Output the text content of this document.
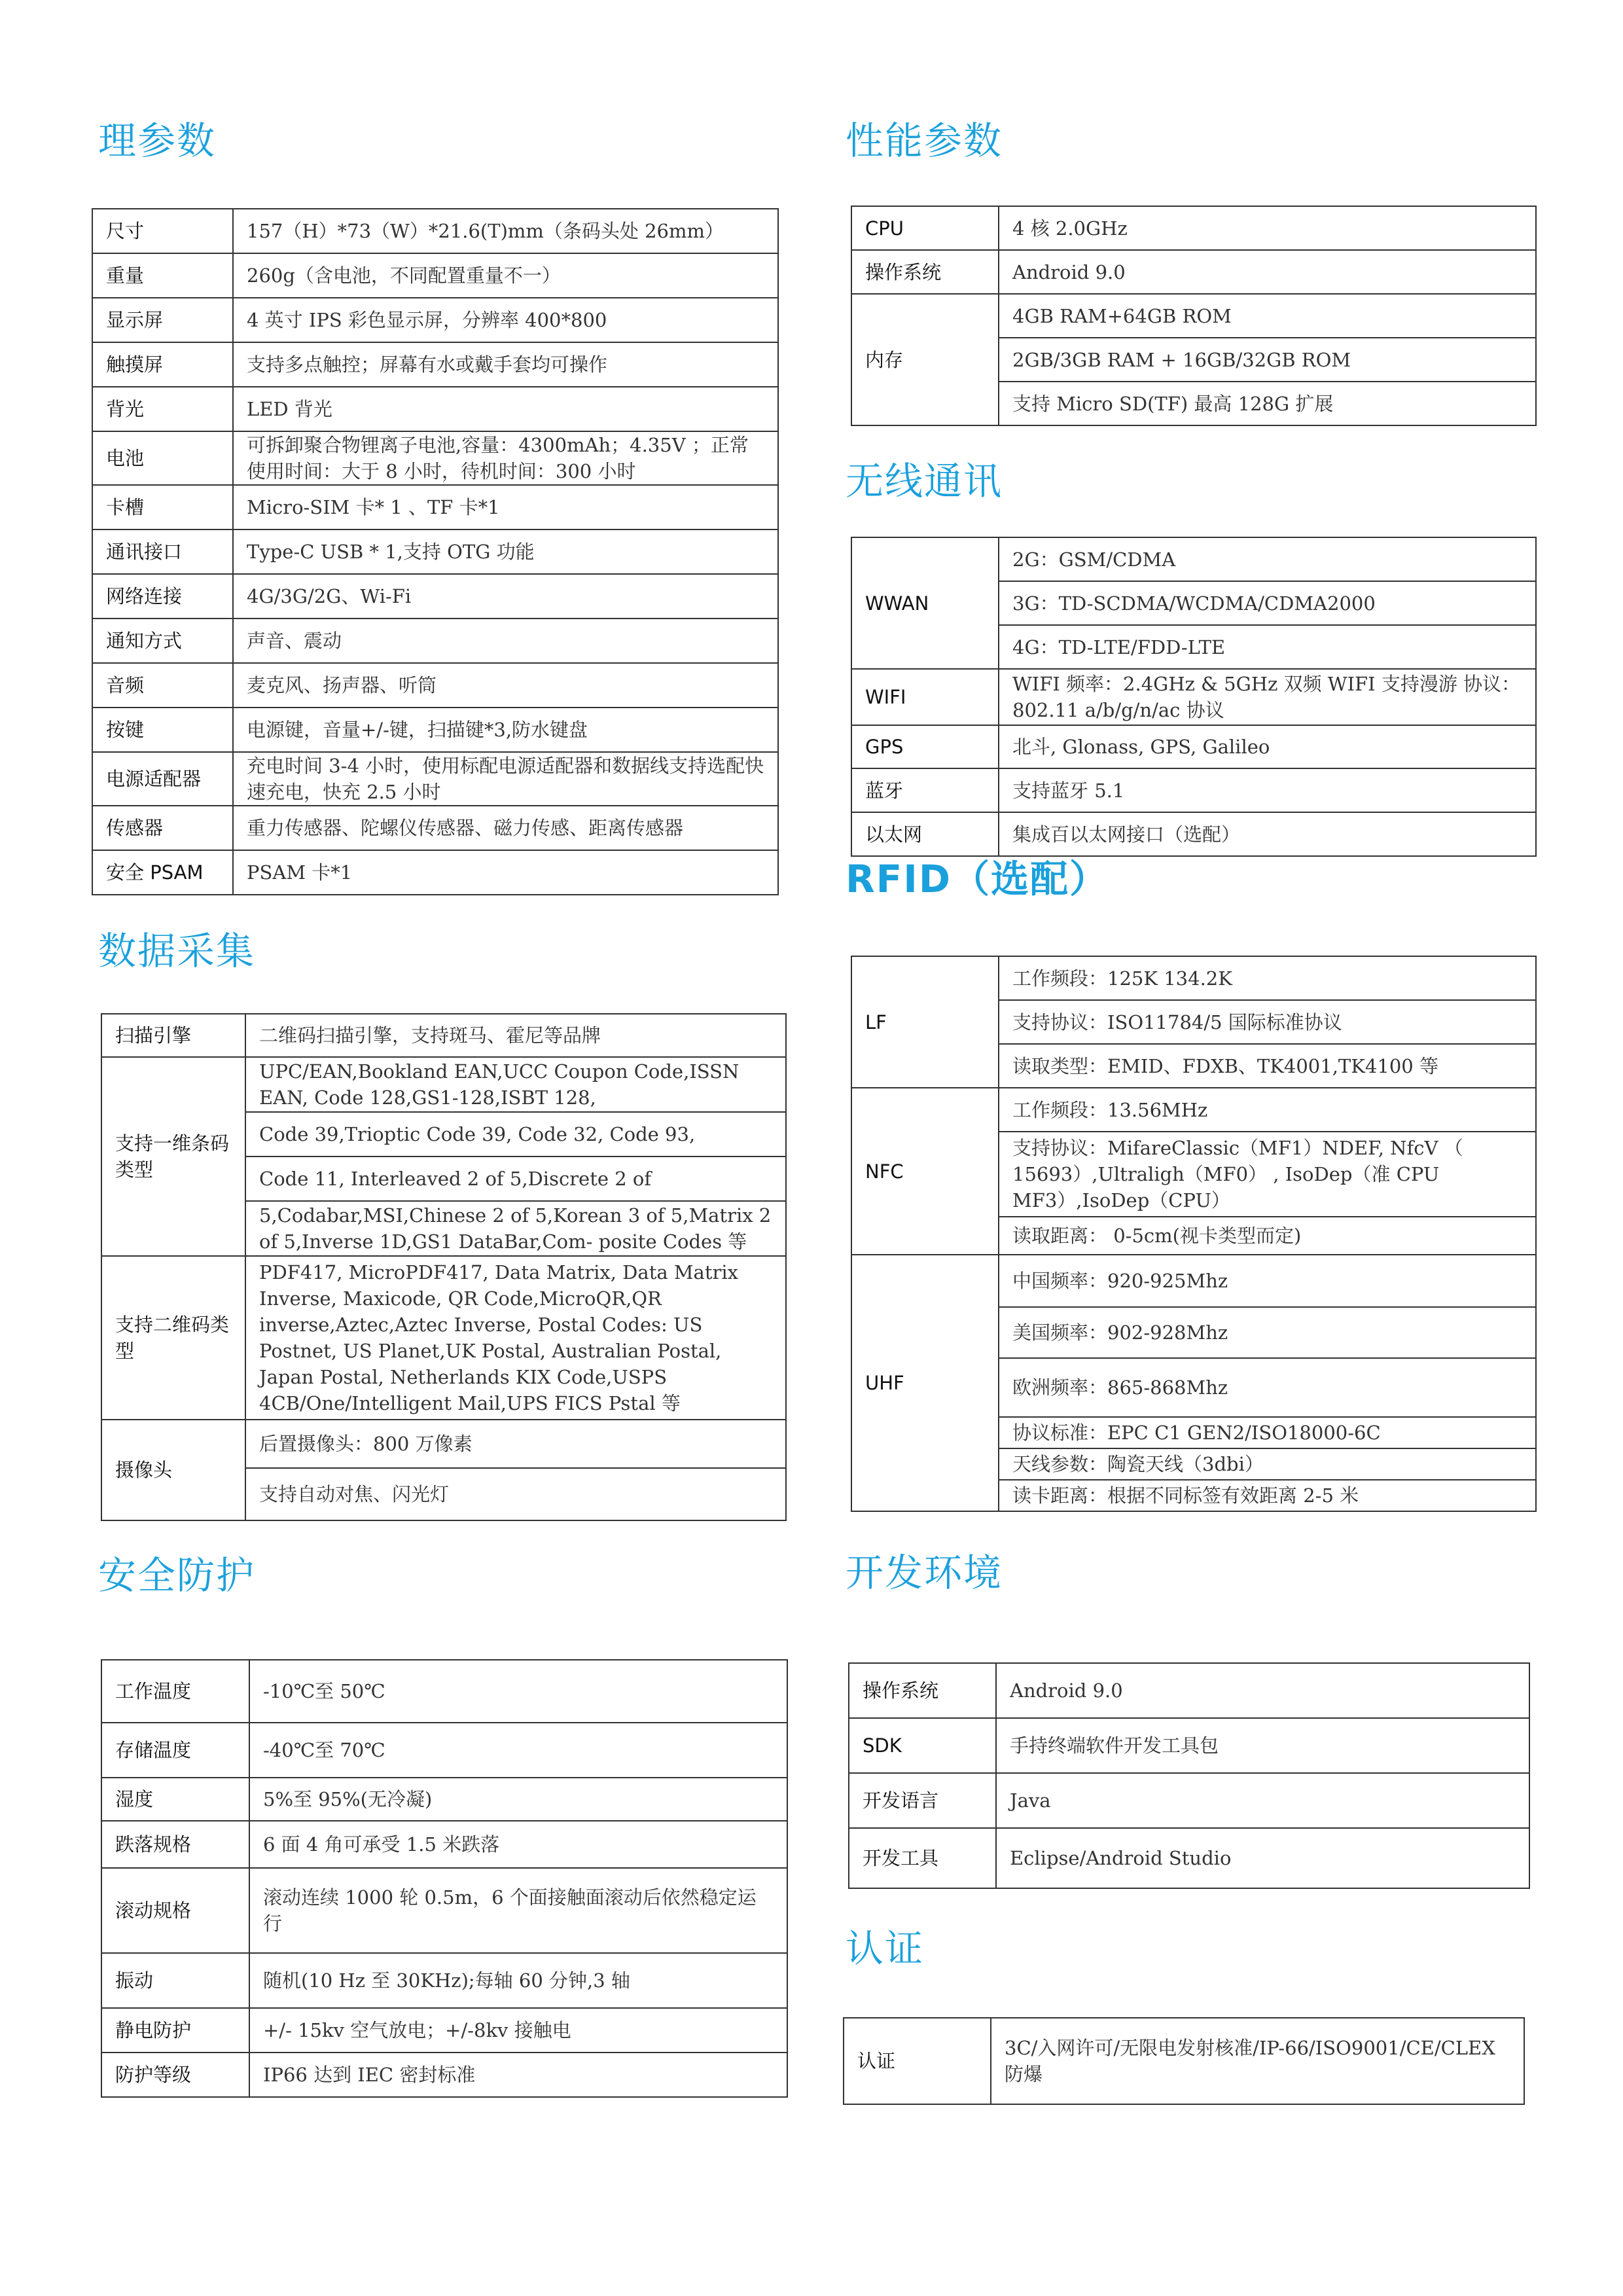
理参数
尺寸	157（H）*73（W）*21.6(T)mm（条码头处 26mm）
重量	260g（含电池，不同配置重量不一）
显示屏	4 英寸 IPS 彩色显示屏，分辨率 400*800
触摸屏	支持多点触控；屏幕有水或戴手套均可操作
背光	LED 背光
电池	可拆卸聚合物锂离子电池,容量：4300mAh；4.35V ；正常使用时间：大于 8 小时，待机时间：300 小时
卡槽	Micro-SIM 卡* 1 、TF 卡*1
通讯接口	Type-C USB * 1,支持 OTG 功能
网络连接	4G/3G/2G、Wi-Fi
通知方式	声音、震动
音频	麦克风、扬声器、听筒
按键	电源键，音量+/-键，扫描键*3,防水键盘
电源适配器	充电时间 3-4 小时，使用标配电源适配器和数据线支持选配快速充电，快充 2.5 小时
传感器	重力传感器、陀螺仪传感器、磁力传感、距离传感器
安全 PSAM	PSAM 卡*1
数据采集
扫描引擎	二维码扫描引擎，支持斑马、霍尼等品牌
支持一维条码类型	UPC/EAN,Bookland EAN,UCC Coupon Code,ISSN EAN, Code 128,GS1-128,ISBT 128,
	Code 39,Trioptic Code 39, Code 32, Code 93,
	Code 11, Interleaved 2 of 5,Discrete 2 of
	5,Codabar,MSI,Chinese 2 of 5,Korean 3 of 5,Matrix 2 of 5,Inverse 1D,GS1 DataBar,Com- posite Codes 等
支持二维码类型	PDF417, MicroPDF417, Data Matrix, Data Matrix Inverse, Maxicode, QR Code,MicroQR,QR inverse,Aztec,Aztec Inverse, Postal Codes: US Postnet, US Planet,UK Postal, Australian Postal, Japan Postal, Netherlands KIX Code,USPS 4CB/One/Intelligent Mail,UPS FICS Pstal 等
摄像头	后置摄像头：800 万像素
	支持自动对焦、闪光灯
安全防护
工作温度	-10℃至 50℃
存储温度	-40℃至 70℃
湿度	5%至 95%(无冷凝)
跌落规格	6 面 4 角可承受 1.5 米跌落
滚动规格	滚动连续 1000 轮 0.5m，6 个面接触面滚动后依然稳定运行
振动	随机(10 Hz 至 30KHz);每轴 60 分钟,3 轴
静电防护	+/- 15kv 空气放电；+/-8kv 接触电
防护等级	IP66 达到 IEC 密封标准
性能参数
CPU	4 核 2.0GHz
操作系统	Android 9.0
内存	4GB RAM+64GB ROM
	2GB/3GB RAM + 16GB/32GB ROM
	支持 Micro SD(TF) 最高 128G 扩展
无线通讯
WWAN	2G：GSM/CDMA
	3G：TD-SCDMA/WCDMA/CDMA2000
	4G：TD-LTE/FDD-LTE
WIFI	WIFI 频率：2.4GHz & 5GHz 双频 WIFI 支持漫游 协议：802.11 a/b/g/n/ac 协议
GPS	北斗, Glonass, GPS, Galileo
蓝牙	支持蓝牙 5.1
以太网	集成百以太网接口（选配）
RFID（选配）
LF	工作频段：125K 134.2K
	支持协议：ISO11784/5 国际标准协议
	读取类型：EMID、FDXB、TK4001,TK4100 等
NFC	工作频段：13.56MHz
	支持协议：MifareClassic（MF1）NDEF, NfcV （ 15693）,Ultraligh（MF0） , IsoDep（准 CPU MF3）,IsoDep（CPU）
	读取距离： 0-5cm(视卡类型而定)
UHF	中国频率：920-925Mhz
	美国频率：902-928Mhz
	欧洲频率：865-868Mhz
	协议标准：EPC C1 GEN2/ISO18000-6C
	天线参数：陶瓷天线（3dbi）
	读卡距离：根据不同标签有效距离 2-5 米
开发环境
操作系统	Android 9.0
SDK	手持终端软件开发工具包
开发语言	Java
开发工具	Eclipse/Android Studio
认证
认证	3C/入网许可/无限电发射核准/IP-66/ISO9001/CE/CLEX 防爆
